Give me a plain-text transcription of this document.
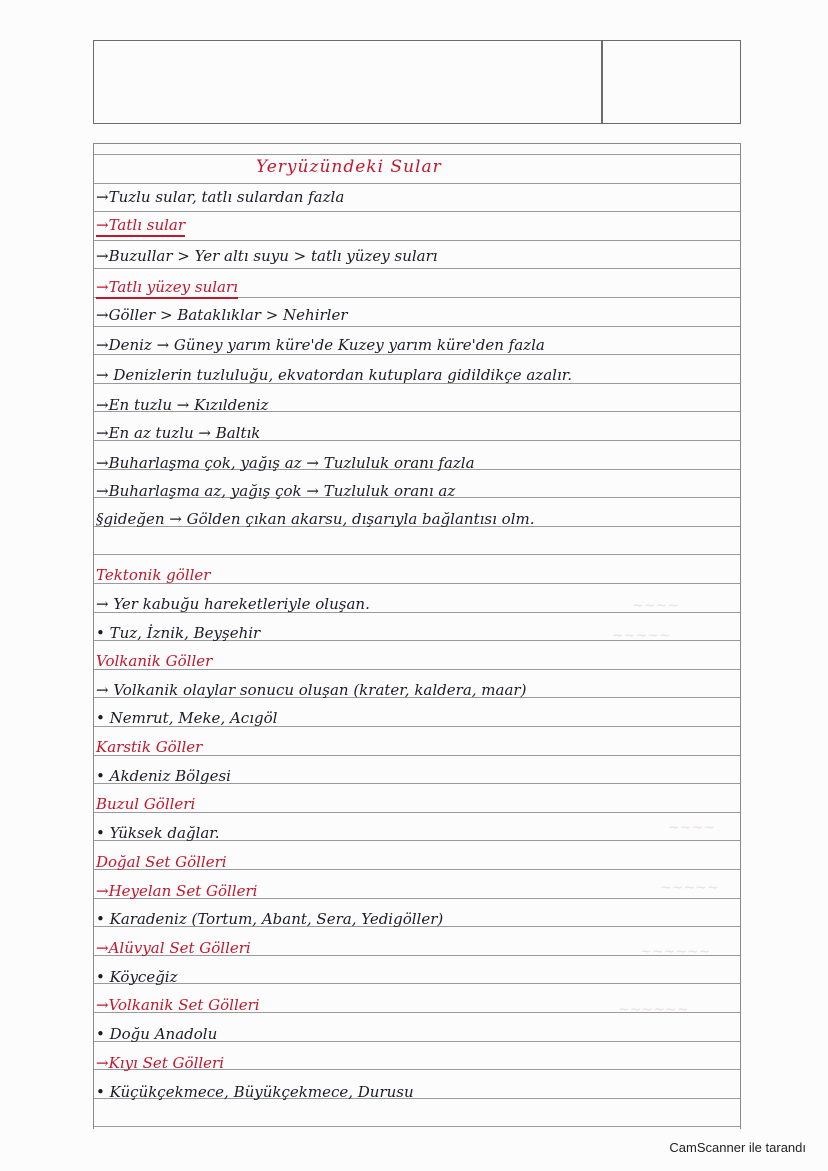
~~~~
~~~~~
~~~~
~~~~~
~~~~~~
~~~~~~
Yeryüzündeki Sular
→Tuzlu sular, tatlı sulardan fazla
→Tatlı sular
→Buzullar > Yer altı suyu > tatlı yüzey suları
→Tatlı yüzey suları
→Göller > Bataklıklar > Nehirler
→Deniz → Güney yarım küre'de Kuzey yarım küre'den fazla
→ Denizlerin tuzluluğu, ekvatordan kutuplara gidildikçe azalır.
→En tuzlu → Kızıldeniz
→En az tuzlu → Baltık
→Buharlaşma çok, yağış az → Tuzluluk oranı fazla
→Buharlaşma az, yağış çok → Tuzluluk oranı az
§gideğen → Gölden çıkan akarsu, dışarıyla bağlantısı olm.
Tektonik göller
→ Yer kabuğu hareketleriyle oluşan.
• Tuz, İznik, Beyşehir
Volkanik Göller
→ Volkanik olaylar sonucu oluşan (krater, kaldera, maar)
• Nemrut, Meke, Acıgöl
Karstik Göller
• Akdeniz Bölgesi
Buzul Gölleri
• Yüksek dağlar.
Doğal Set Gölleri
→Heyelan Set Gölleri
• Karadeniz (Tortum, Abant, Sera, Yedigöller)
→Alüvyal Set Gölleri
• Köyceğiz
→Volkanik Set Gölleri
• Doğu Anadolu
→Kıyı Set Gölleri
• Küçükçekmece, Büyükçekmece, Durusu
CamScanner ile tarandı
